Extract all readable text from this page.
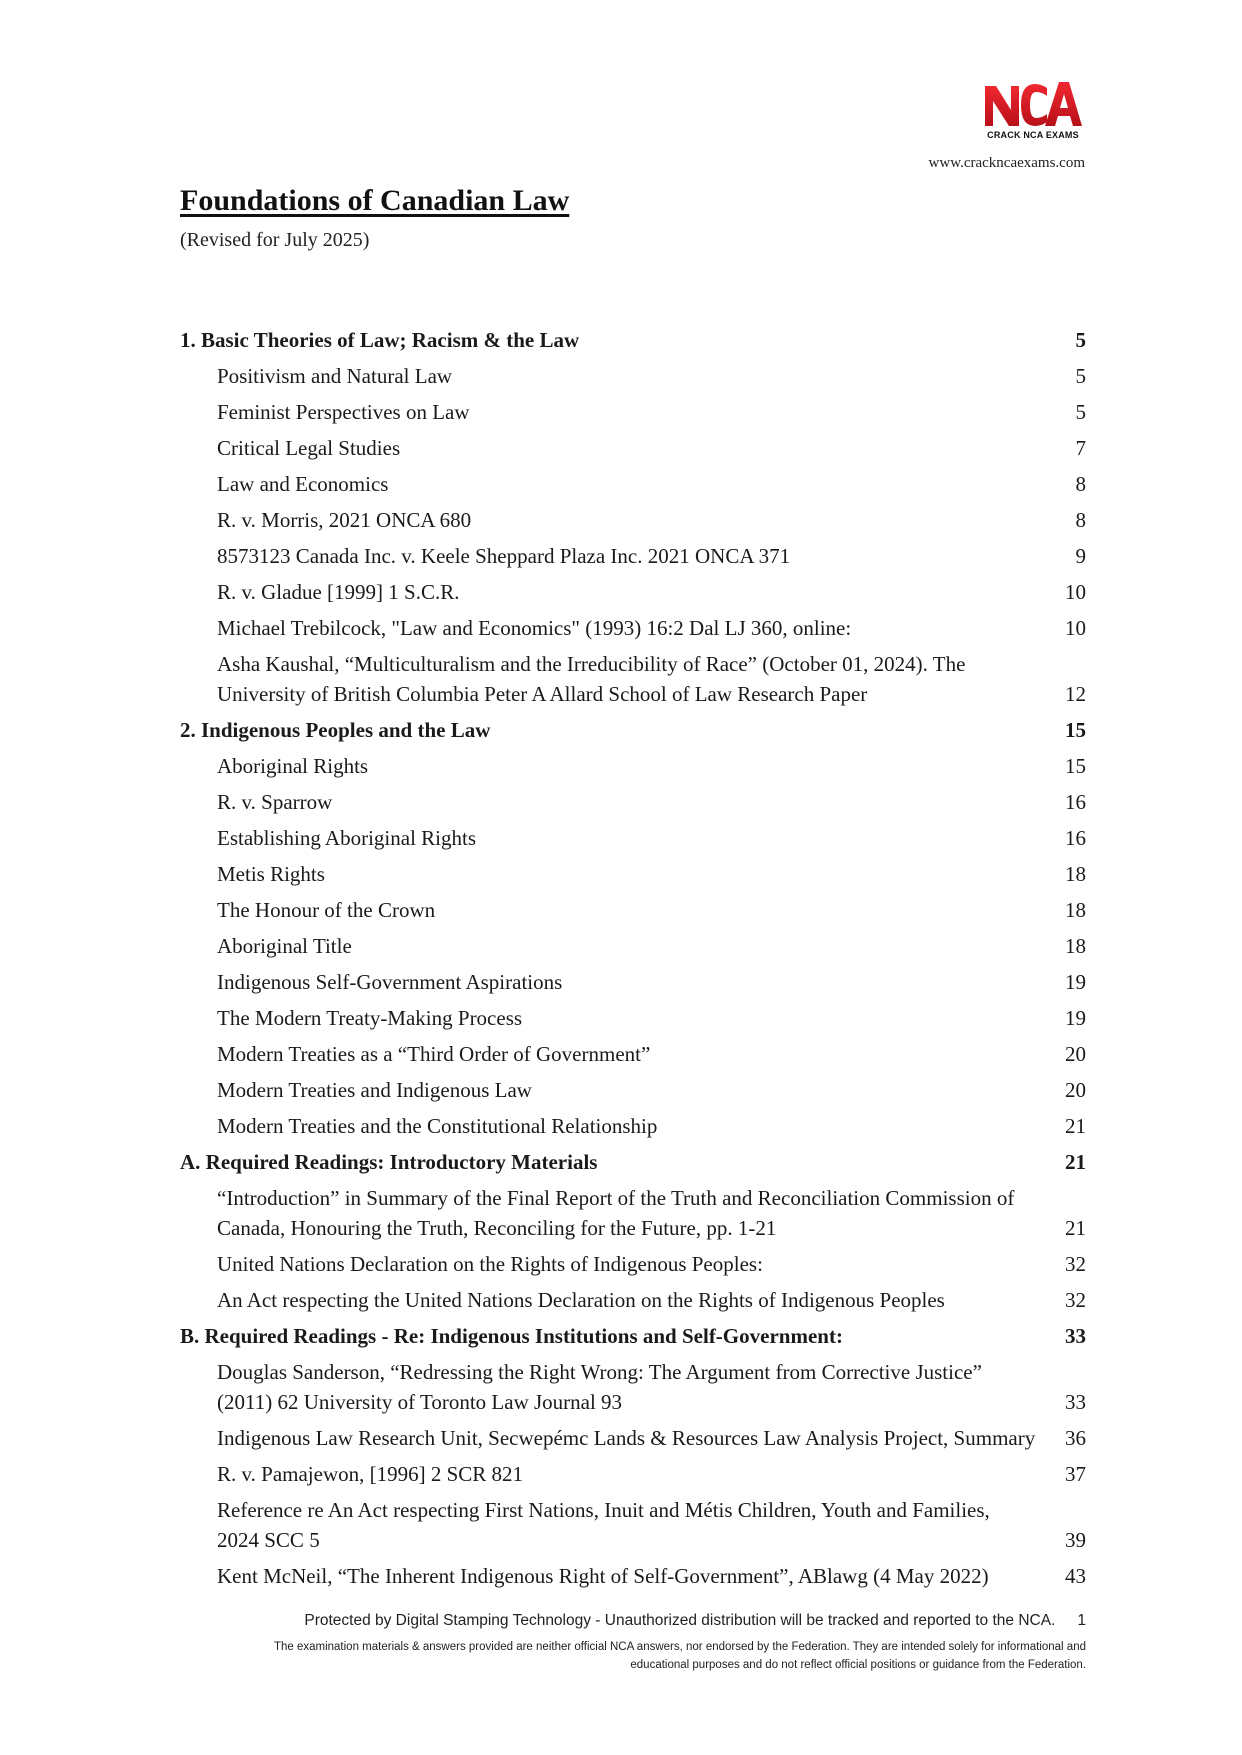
CRACK NCA EXAMS
www.crackncaexams.com
Foundations of Canadian Law
(Revised for July 2025)
1. Basic Theories of Law; Racism & the Law	5
Positivism and Natural Law	5
Feminist Perspectives on Law	5
Critical Legal Studies	7
Law and Economics	8
R. v. Morris, 2021 ONCA 680	8
8573123 Canada Inc. v. Keele Sheppard Plaza Inc. 2021 ONCA 371	9
R. v. Gladue [1999] 1 S.C.R.	10
Michael Trebilcock, "Law and Economics" (1993) 16:2 Dal LJ 360, online:	10
Asha Kaushal, “Multiculturalism and the Irreducibility of Race” (October 01, 2024). The University of British Columbia Peter A Allard School of Law Research Paper	12
2. Indigenous Peoples and the Law	15
Aboriginal Rights	15
R. v. Sparrow	16
Establishing Aboriginal Rights	16
Metis Rights	18
The Honour of the Crown	18
Aboriginal Title	18
Indigenous Self-Government Aspirations	19
The Modern Treaty-Making Process	19
Modern Treaties as a “Third Order of Government”	20
Modern Treaties and Indigenous Law	20
Modern Treaties and the Constitutional Relationship	21
A. Required Readings: Introductory Materials	21
“Introduction” in Summary of the Final Report of the Truth and Reconciliation Commission of Canada, Honouring the Truth, Reconciling for the Future, pp. 1-21	21
United Nations Declaration on the Rights of Indigenous Peoples:	32
An Act respecting the United Nations Declaration on the Rights of Indigenous Peoples	32
B. Required Readings - Re: Indigenous Institutions and Self-Government:	33
Douglas Sanderson, “Redressing the Right Wrong: The Argument from Corrective Justice” (2011) 62 University of Toronto Law Journal 93	33
Indigenous Law Research Unit, Secwepémc Lands & Resources Law Analysis Project, Summary	36
R. v. Pamajewon, [1996] 2 SCR 821	37
Reference re An Act respecting First Nations, Inuit and Métis Children, Youth and Families, 2024 SCC 5	39
Kent McNeil, “The Inherent Indigenous Right of Self-Government”, ABlawg (4 May 2022)	43
Protected by Digital Stamping Technology - Unauthorized distribution will be tracked and reported to the NCA. 1
The examination materials & answers provided are neither official NCA answers, nor endorsed by the Federation. They are intended solely for informational and
educational purposes and do not reflect official positions or guidance from the Federation.
